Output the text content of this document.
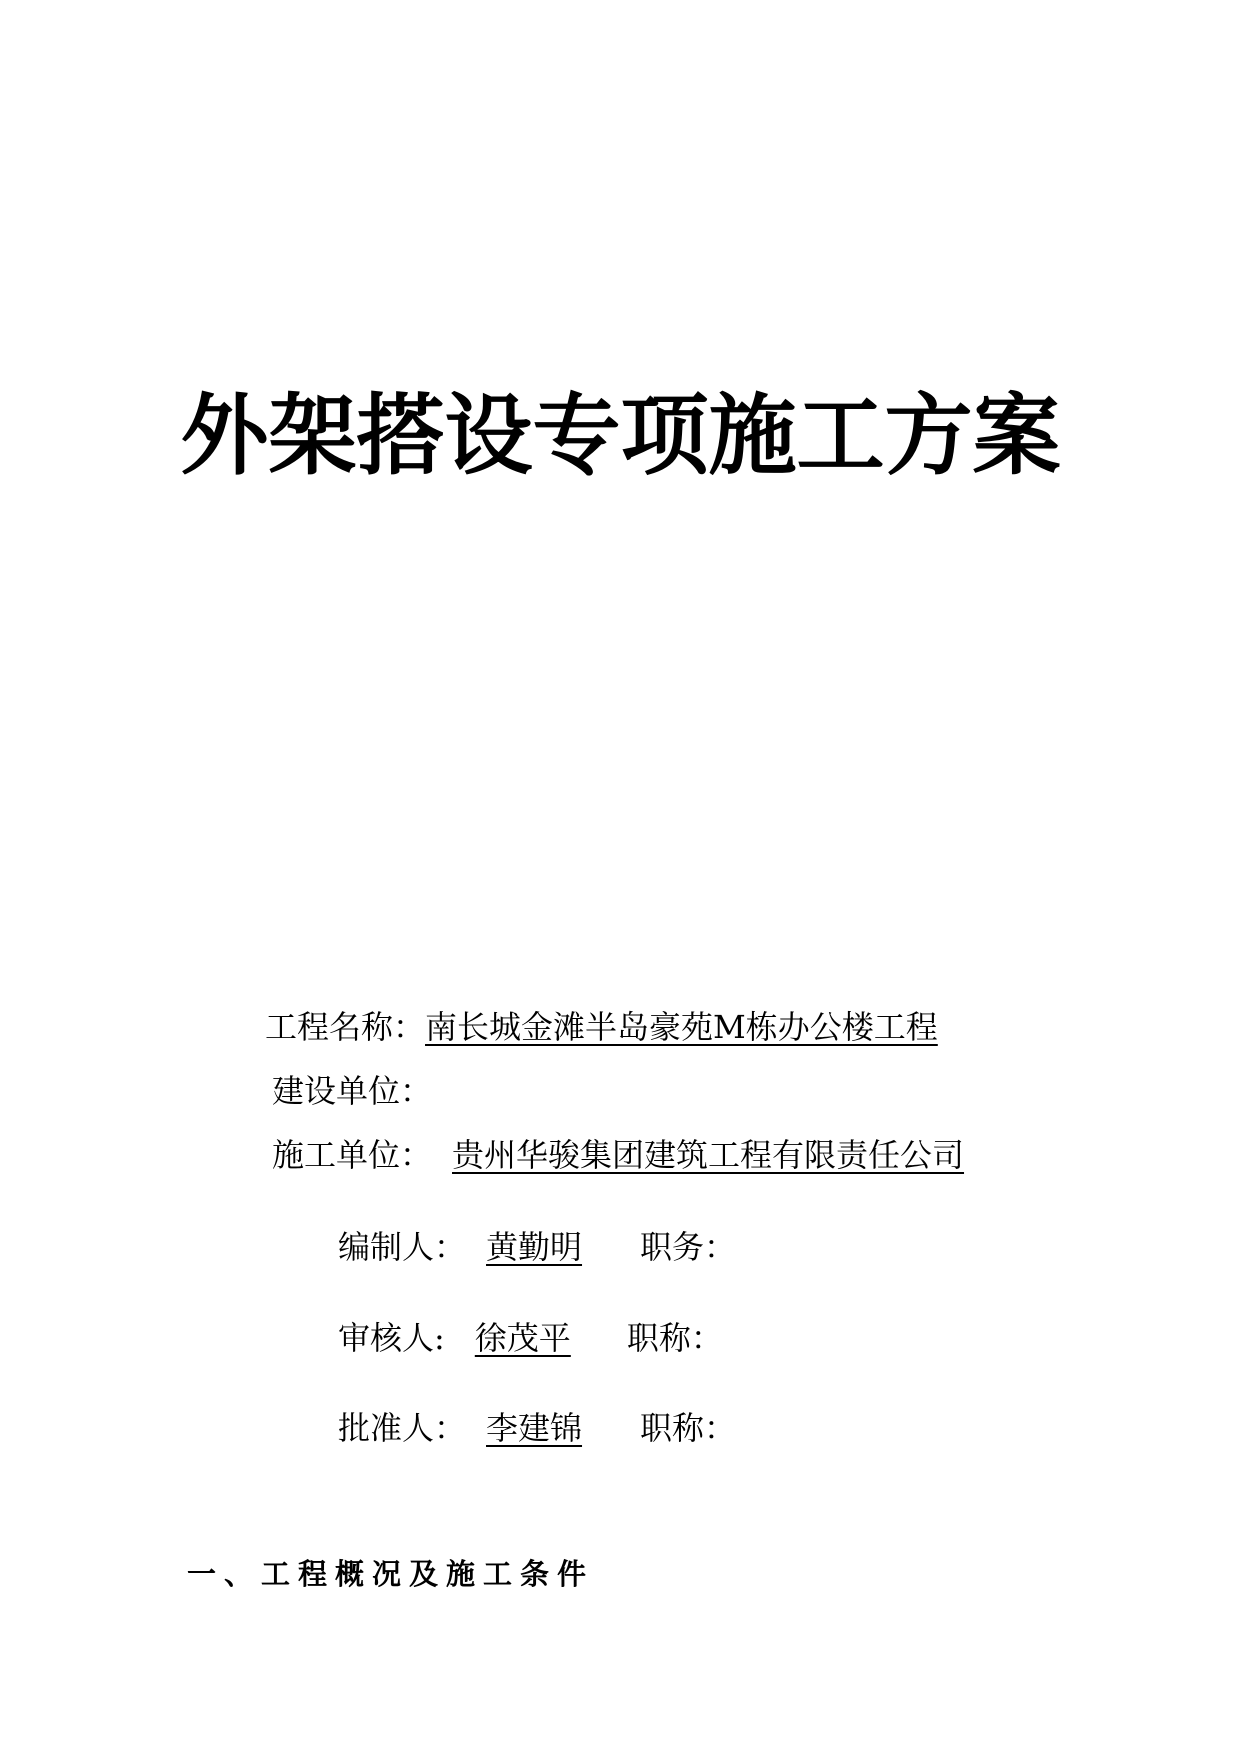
外架搭设专项施工方案
工程名称：南长城金滩半岛豪苑M栋办公楼工程
建设单位：
施工单位： 贵州华骏集团建筑工程有限责任公司
编制人： 黄勤明 职务：
审核人: 徐茂平 职称：
批准人： 李建锦 职称：
一、工程概况及施工条件
